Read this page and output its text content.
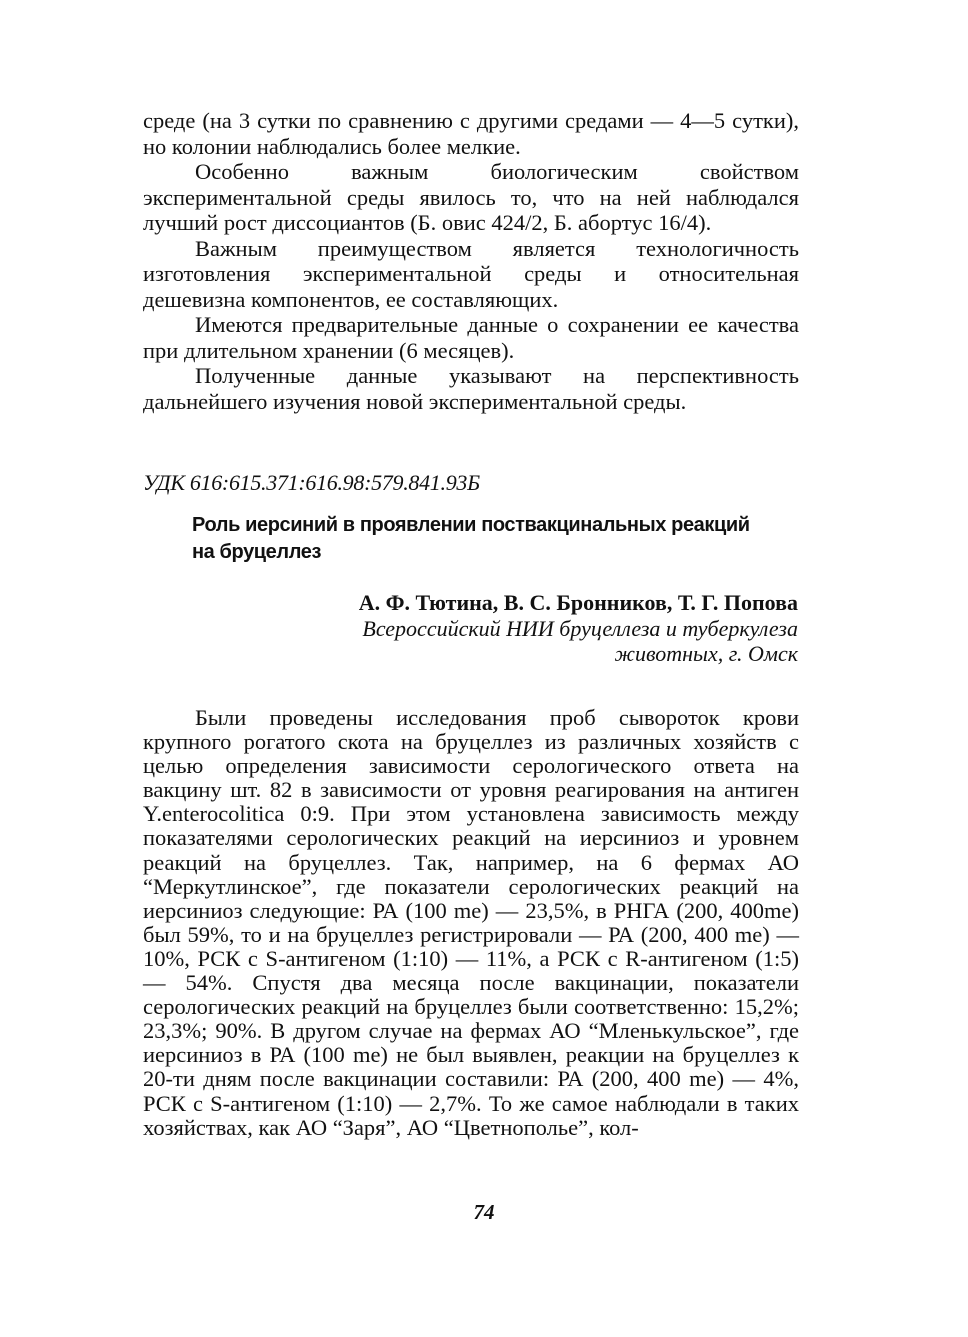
среде (на 3 сутки по сравнению с другими средами — 4—5 сутки), но колонии наблюдались более мелкие.

Особенно важным биологическим свойством экспериментальной среды явилось то, что на ней наблюдался лучший рост диссоциантов (Б. овис 424/2, Б. абортус 16/4).

Важным преимуществом является технологичность изготовления экспериментальной среды и относительная дешевизна компонентов, ее составляющих.

Имеются предварительные данные о сохранении ее качества при длительном хранении (6 месяцев).

Полученные данные указывают на перспективность дальнейшего изучения новой экспериментальной среды.

УДК 616:615.371:616.98:579.841.93Б
Роль иерсиний в проявлении поствакцинальных реакций на бруцеллез
А. Ф. Тютина, В. С. Бронников, Т. Г. Попова
Всероссийский НИИ бруцеллеза и туберкулеза животных, г. Омск

Были проведены исследования проб сывороток крови крупного рогатого скота на бруцеллез из различных хозяйств с целью определения зависимости серологического ответа на вакцину шт. 82 в зависимости от уровня реагирования на антиген Y.enterocolitica 0:9. При этом установлена зависимость между показателями серологических реакций на иерсиниоз и уровнем реакций на бруцеллез. Так, например, на 6 фермах АО “Меркутлинское”, где показатели серологических реакций на иерсиниоз следующие: РА (100 me) — 23,5%, в РНГА (200, 400me) был 59%, то и на бруцеллез регистрировали — РА (200, 400 me) — 10%, РСК с S-антигеном (1:10) — 11%, а РСК с R-антигеном (1:5) — 54%. Спустя два месяца после вакцинации, показатели серологических реакций на бруцеллез были соответственно: 15,2%; 23,3%; 90%. В другом случае на фермах АО “Мленькульское”, где иерсиниоз в РА (100 me) не был выявлен, реакции на бруцеллез к 20-ти дням после вакцинации составили: РА (200, 400 me) — 4%, РСК с S-антигеном (1:10) — 2,7%. То же самое наблюдали в таких хозяйствах, как АО “Заря”, АО “Цветнополье”, кол-

74
